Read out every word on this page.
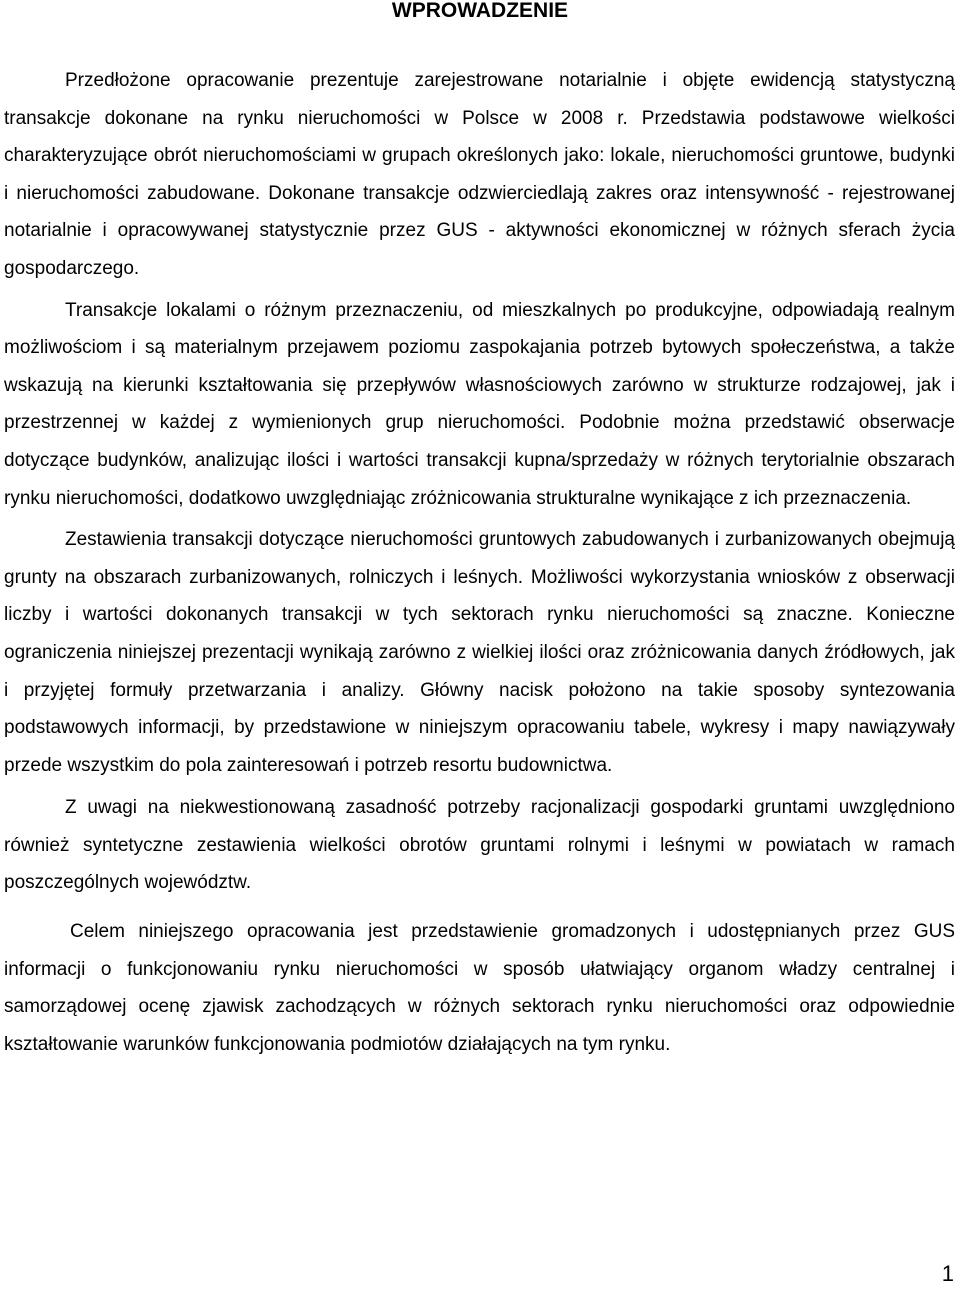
WPROWADZENIE

Przedłożone opracowanie prezentuje zarejestrowane notarialnie i objęte ewidencją statystyczną transakcje dokonane na rynku nieruchomości w Polsce w 2008 r. Przedstawia podstawowe wielkości charakteryzujące obrót nieruchomościami w grupach określonych jako: lokale, nieruchomości gruntowe, budynki i nieruchomości zabudowane. Dokonane transakcje odzwierciedlają zakres oraz intensywność - rejestrowanej notarialnie i opracowywanej statystycznie przez GUS - aktywności ekonomicznej w różnych sferach życia gospodarczego.

Transakcje lokalami o różnym przeznaczeniu, od mieszkalnych po produkcyjne, odpowiadają realnym możliwościom i są materialnym przejawem poziomu zaspokajania potrzeb bytowych społeczeństwa, a także wskazują na kierunki kształtowania się przepływów własnościowych zarówno w strukturze rodzajowej, jak i przestrzennej w każdej z wymienionych grup nieruchomości. Podobnie można przedstawić obserwacje dotyczące budynków, analizując ilości i wartości transakcji kupna/sprzedaży w różnych terytorialnie obszarach rynku nieruchomości, dodatkowo uwzględniając zróżnicowania strukturalne wynikające z ich przeznaczenia.

Zestawienia transakcji dotyczące nieruchomości gruntowych zabudowanych i zurbanizowanych obejmują grunty na obszarach zurbanizowanych, rolniczych i leśnych. Możliwości wykorzystania wniosków z obserwacji liczby i wartości dokonanych transakcji w tych sektorach rynku nieruchomości są znaczne. Konieczne ograniczenia niniejszej prezentacji wynikają zarówno z wielkiej ilości oraz zróżnicowania danych źródłowych, jak i przyjętej formuły przetwarzania i analizy. Główny nacisk położono na takie sposoby syntezowania podstawowych informacji, by przedstawione w niniejszym opracowaniu tabele, wykresy i mapy nawiązywały przede wszystkim do pola zainteresowań i potrzeb resortu budownictwa.

Z uwagi na niekwestionowaną zasadność potrzeby racjonalizacji gospodarki gruntami uwzględniono również syntetyczne zestawienia wielkości obrotów gruntami rolnymi i leśnymi w powiatach w ramach poszczególnych województw.

Celem niniejszego opracowania jest przedstawienie gromadzonych i udostępnianych przez GUS informacji o funkcjonowaniu rynku nieruchomości w sposób ułatwiający organom władzy centralnej i samorządowej ocenę zjawisk zachodzących w różnych sektorach rynku nieruchomości oraz odpowiednie kształtowanie warunków funkcjonowania podmiotów działających na tym rynku.

1
